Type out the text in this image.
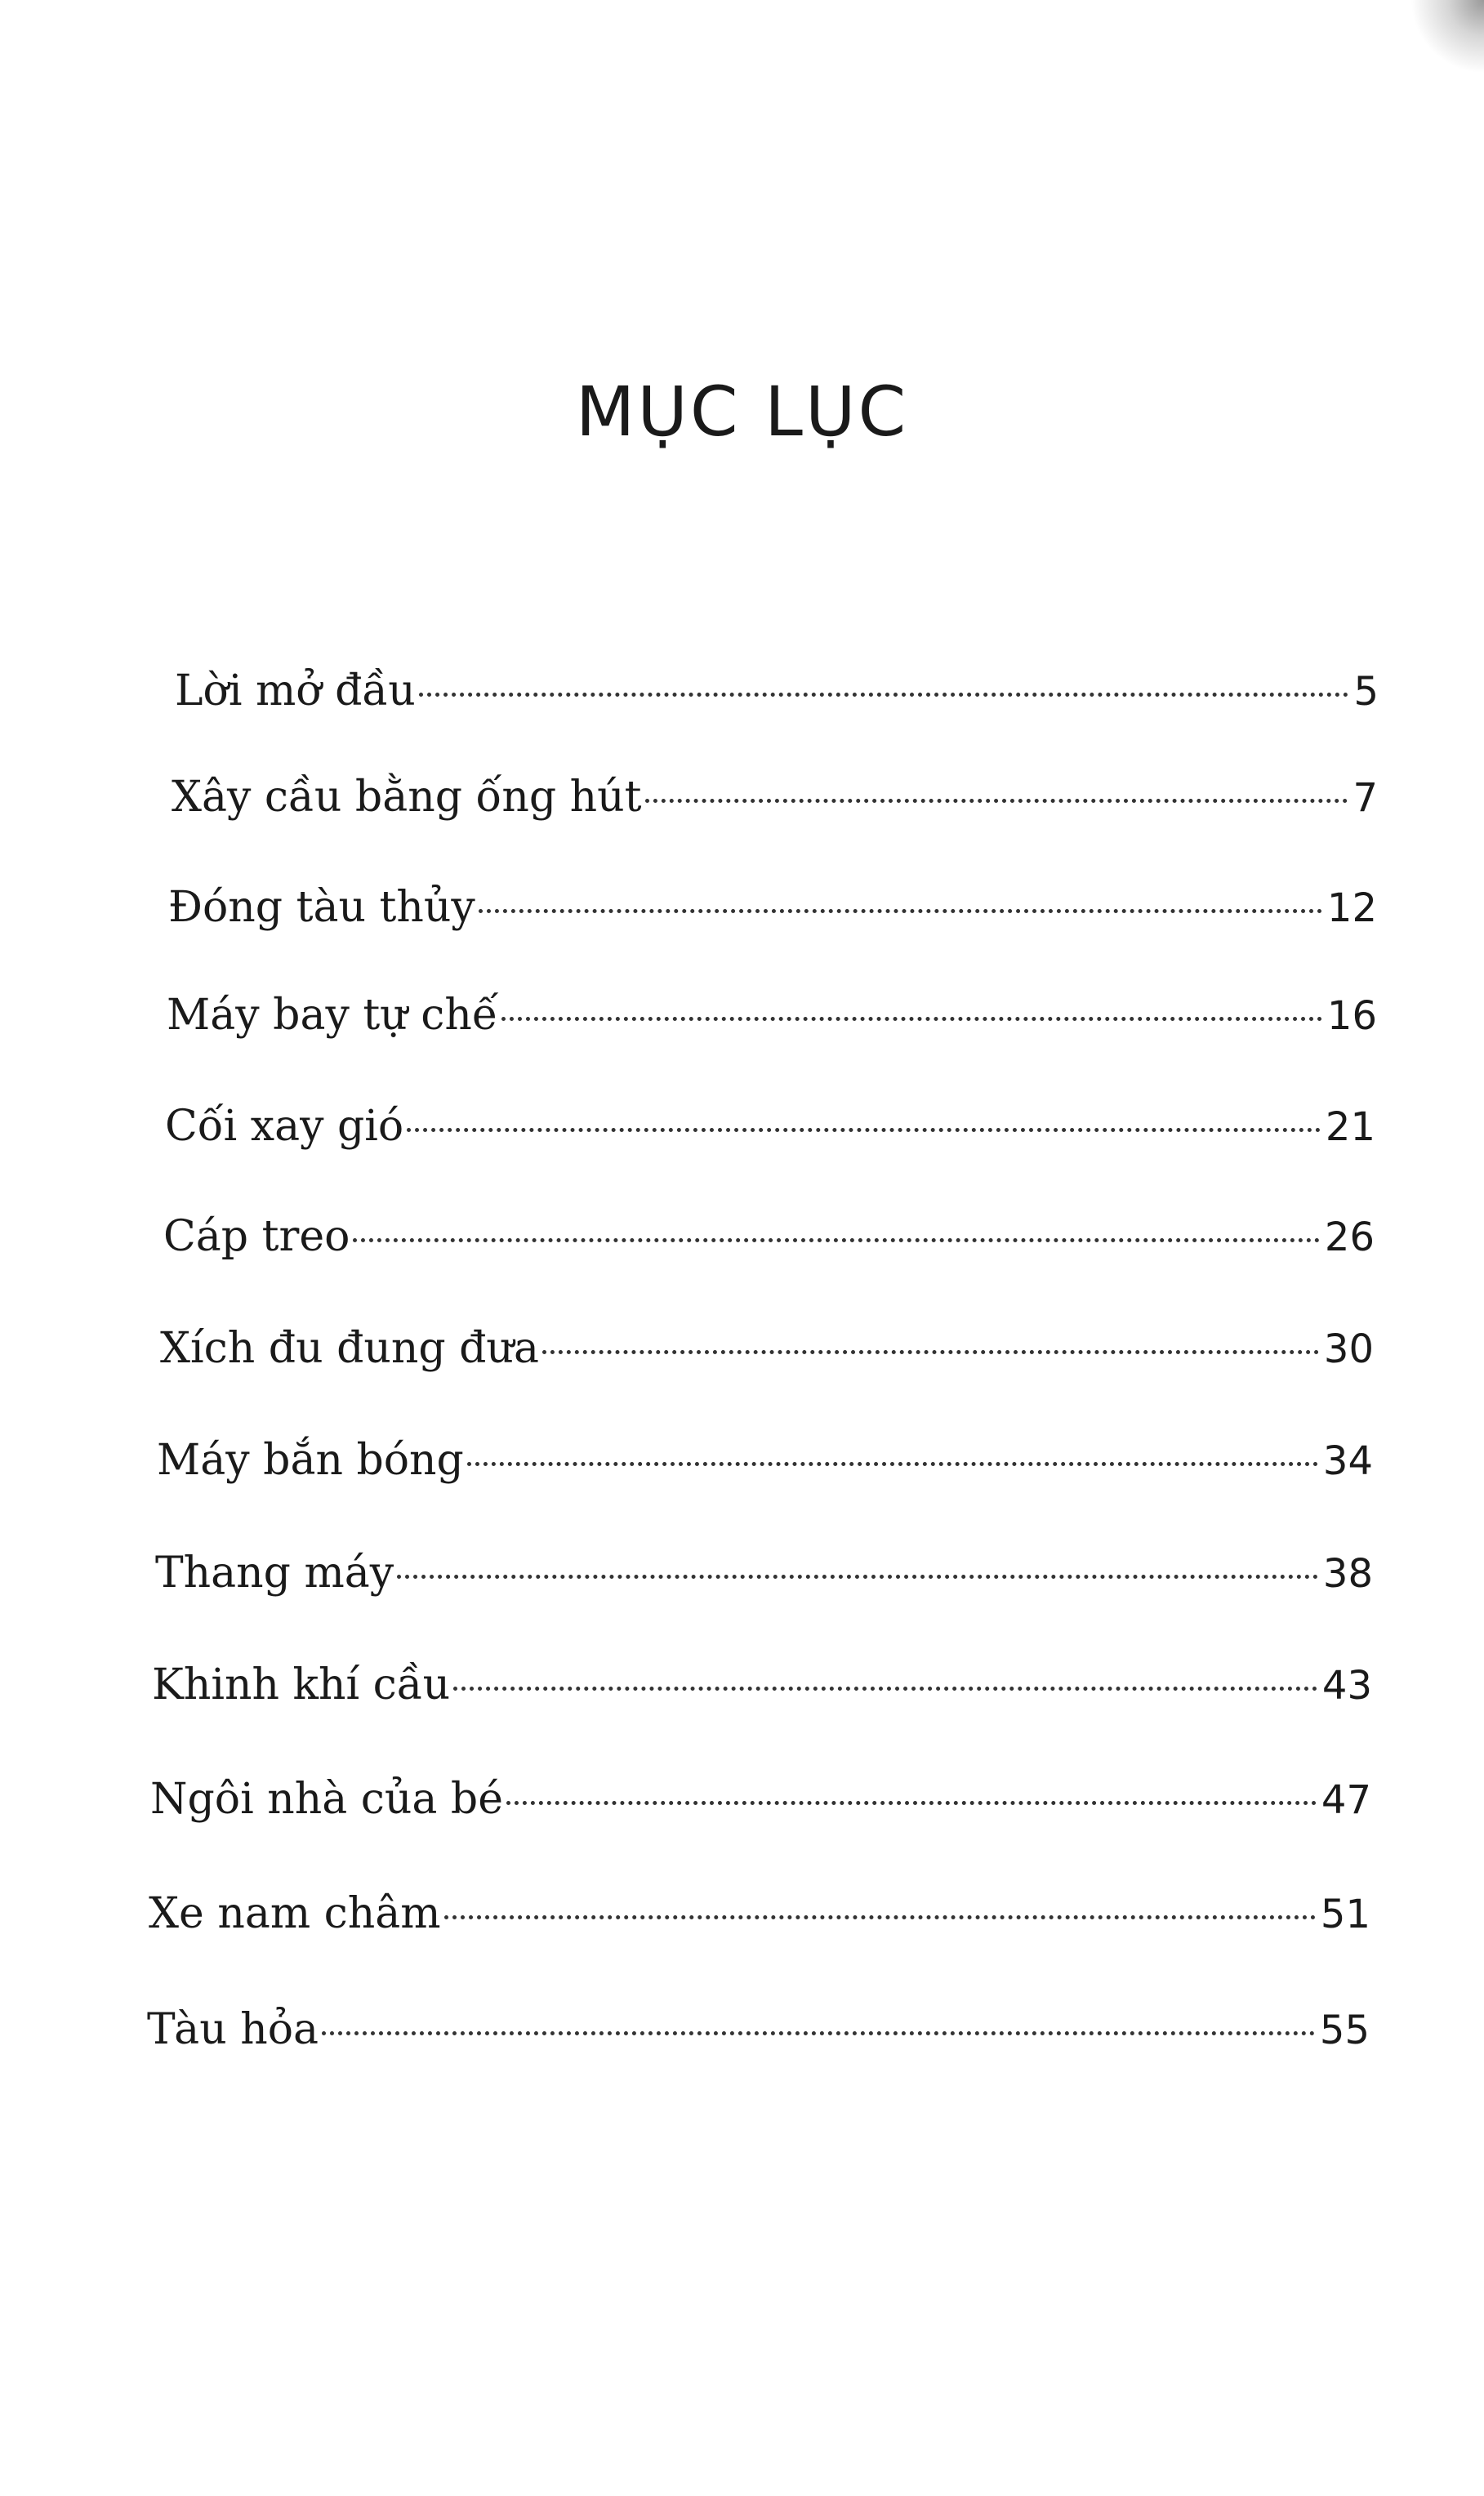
MỤC LỤC
Lời mở đầu	5
Xây cầu bằng ống hút	7
Đóng tàu thủy	12
Máy bay tự chế	16
Cối xay gió	21
Cáp treo	26
Xích đu đung đưa	30
Máy bắn bóng	34
Thang máy	38
Khinh khí cầu	43
Ngôi nhà của bé	47
Xe nam châm	51
Tàu hỏa	55
